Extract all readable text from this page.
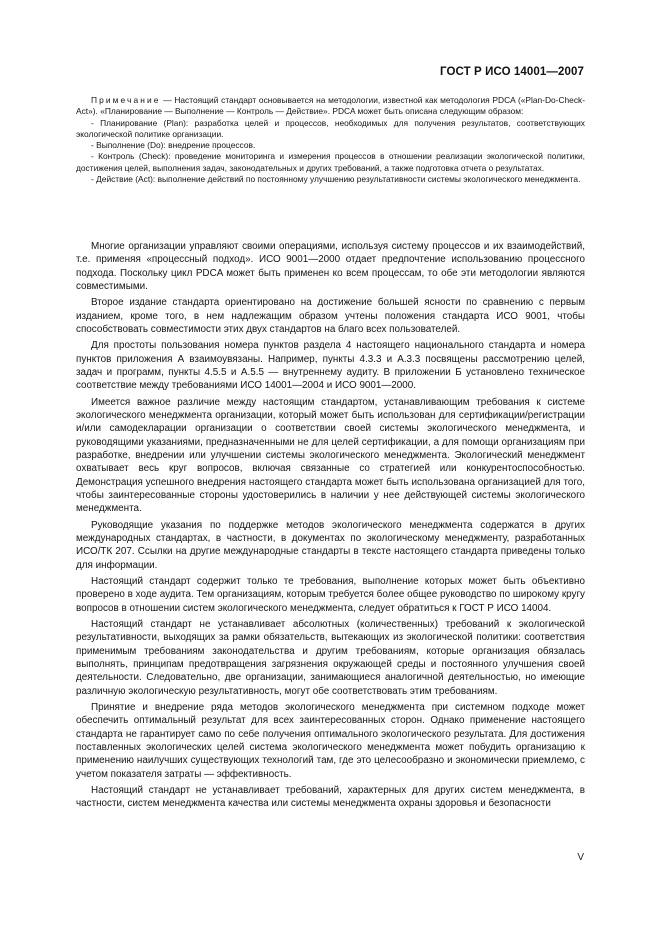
ГОСТ Р ИСО 14001—2007

Примечание — Настоящий стандарт основывается на методологии, известной как методология PDCA («Plan-Do-Check-Act»). «Планирование — Выполнение — Контроль — Действие». PDCA может быть описана следующим образом:

- Планирование (Plan): разработка целей и процессов, необходимых для получения результатов, соответствующих экологической политике организации.

- Выполнение (Do): внедрение процессов.

- Контроль (Check): проведение мониторинга и измерения процессов в отношении реализации экологической политики, достижения целей, выполнения задач, законодательных и других требований, а также подготовка отчета о результатах.

- Действие (Act): выполнение действий по постоянному улучшению результативности системы экологического менеджмента.

Многие организации управляют своими операциями, используя систему процессов и их взаимодействий, т.е. применяя «процессный подход». ИСО 9001—2000 отдает предпочтение использованию процессного подхода. Поскольку цикл PDCA может быть применен ко всем процессам, то обе эти методологии являются совместимыми.

Второе издание стандарта ориентировано на достижение большей ясности по сравнению с первым изданием, кроме того, в нем надлежащим образом учтены положения стандарта ИСО 9001, чтобы способствовать совместимости этих двух стандартов на благо всех пользователей.

Для простоты пользования номера пунктов раздела 4 настоящего национального стандарта и номера пунктов приложения А взаимоувязаны. Например, пункты 4.3.3 и А.3.3 посвящены рассмотрению целей, задач и программ, пункты 4.5.5 и А.5.5 — внутреннему аудиту. В приложении Б установлено техническое соответствие между требованиями ИСО 14001—2004 и ИСО 9001—2000.

Имеется важное различие между настоящим стандартом, устанавливающим требования к системе экологического менеджмента организации, который может быть использован для сертификации/регистрации и/или самодекларации организации о соответствии своей системы экологического менеджмента, и руководящими указаниями, предназначенными не для целей сертификации, а для помощи организациям при разработке, внедрении или улучшении системы экологического менеджмента. Экологический менеджмент охватывает весь круг вопросов, включая связанные со стратегией или конкурентоспособностью. Демонстрация успешного внедрения настоящего стандарта может быть использована организацией для того, чтобы заинтересованные стороны удостоверились в наличии у нее действующей системы экологического менеджмента.

Руководящие указания по поддержке методов экологического менеджмента содержатся в других международных стандартах, в частности, в документах по экологическому менеджменту, разработанных ИСО/ТК 207. Ссылки на другие международные стандарты в тексте настоящего стандарта приведены только для информации.

Настоящий стандарт содержит только те требования, выполнение которых может быть объективно проверено в ходе аудита. Тем организациям, которым требуется более общее руководство по широкому кругу вопросов в отношении систем экологического менеджмента, следует обратиться к ГОСТ Р ИСО 14004.

Настоящий стандарт не устанавливает абсолютных (количественных) требований к экологической результативности, выходящих за рамки обязательств, вытекающих из экологической политики: соответствия применимым требованиям законодательства и другим требованиям, которые организация обязалась выполнять, принципам предотвращения загрязнения окружающей среды и постоянного улучшения своей деятельности. Следовательно, две организации, занимающиеся аналогичной деятельностью, но имеющие различную экологическую результативность, могут обе соответствовать этим требованиям.

Принятие и внедрение ряда методов экологического менеджмента при системном подходе может обеспечить оптимальный результат для всех заинтересованных сторон. Однако применение настоящего стандарта не гарантирует само по себе получения оптимального экологического результата. Для достижения поставленных экологических целей система экологического менеджмента может побудить организацию к применению наилучших существующих технологий там, где это целесообразно и экономически приемлемо, с учетом показателя затраты — эффективность.

Настоящий стандарт не устанавливает требований, характерных для других систем менеджмента, в частности, систем менеджмента качества или системы менеджмента охраны здоровья и безопасности

V
